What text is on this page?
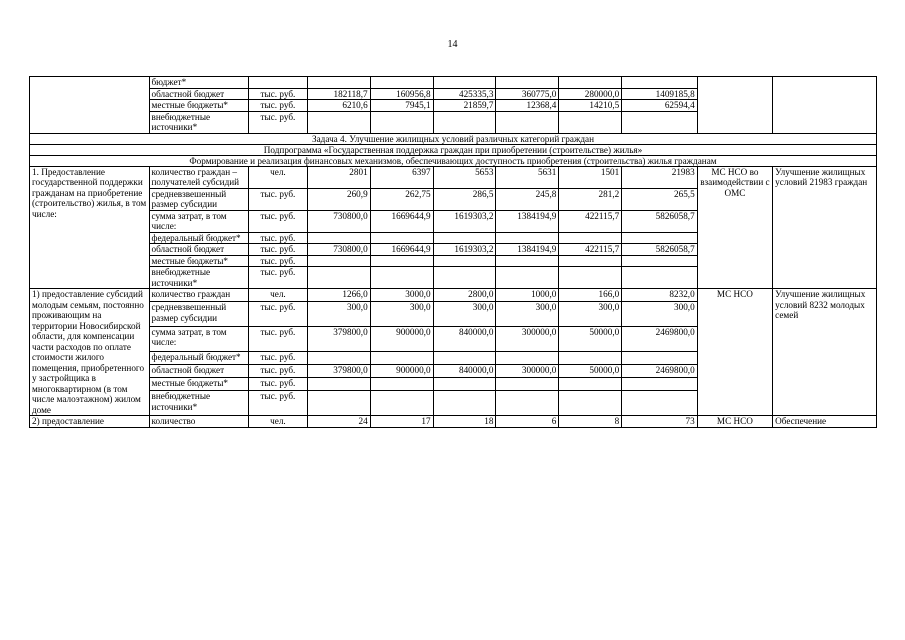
14
	бюджет*									
	областной бюджет	тыс. руб.	182118,7	160956,8	425335,3	360775,0	280000,0	1409185,8		
	местные бюджеты*	тыс. руб.	6210,6	7945,1	21859,7	12368,4	14210,5	62594,4		
	внебюджетные источники*	тыс. руб.								
Задача 4. Улучшение жилищных условий различных категорий граждан										
Подпрограмма «Государственная поддержка граждан при приобретении (строительстве) жилья»										
Формирование и реализация финансовых механизмов, обеспечивающих доступность приобретения (строительства) жилья гражданам										
1. Предоставление государственной поддержки гражданам на приобретение (строительство) жилья, в том числе:	количество граждан – получателей субсидий	чел.	2801	6397	5653	5631	1501	21983	МС НСО во взаимодействии с ОМС	Улучшение жилищных условий 21983 граждан
	средневзвешенный размер субсидии	тыс. руб.	260,9	262,75	286,5	245,8	281,2	265,5		
	сумма затрат, в том числе:	тыс. руб.	730800,0	1669644,9	1619303,2	1384194,9	422115,7	5826058,7		
	федеральный бюджет*	тыс. руб.								
	областной бюджет	тыс. руб.	730800,0	1669644,9	1619303,2	1384194,9	422115,7	5826058,7		
	местные бюджеты*	тыс. руб.								
	внебюджетные источники*	тыс. руб.								
1) предоставление субсидий молодым семьям, постоянно проживающим на территории Новосибирской области, для компенсации части расходов по оплате стоимости жилого помещения, приобретенного у застройщика в многоквартирном (в том числе малоэтажном) жилом доме	количество граждан	чел.	1266,0	3000,0	2800,0	1000,0	166,0	8232,0	МС НСО	Улучшение жилищных условий 8232 молодых семей
	средневзвешенный размер субсидии	тыс. руб.	300,0	300,0	300,0	300,0	300,0	300,0		
	сумма затрат, в том числе:	тыс. руб.	379800,0	900000,0	840000,0	300000,0	50000,0	2469800,0		
	федеральный бюджет*	тыс. руб.								
	областной бюджет	тыс. руб.	379800,0	900000,0	840000,0	300000,0	50000,0	2469800,0		
	местные бюджеты*	тыс. руб.								
	внебюджетные источники*	тыс. руб.								
2) предоставление	количество	чел.	24	17	18	6	8	73	МС НСО	Обеспечение
